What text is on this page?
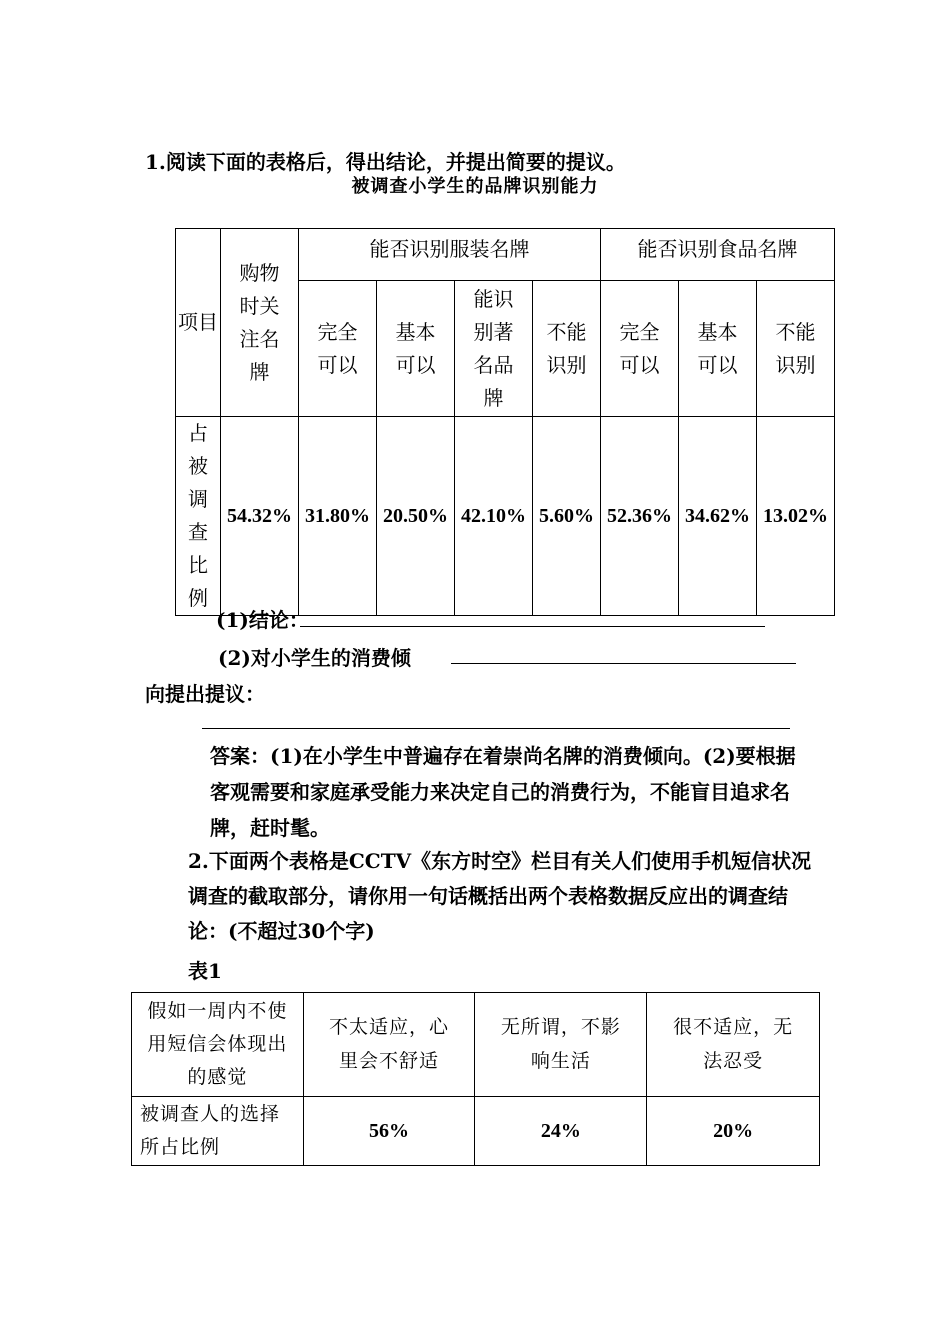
1.阅读下面的表格后，得出结论，并提出简要的提议。
被调查小学生的品牌识别能力
项目	购物时关注名牌	能否识别服装名牌				能否识别食品名牌		
		完全可以	基本可以	能识别著名品牌	不能识别	完全可以	基本可以	不能识别
占被调查比例	54.32%	31.80%	20.50%	42.10%	5.60%	52.36%	34.62%	13.02%
(1)结论：
(2)对小学生的消费倾
向提出提议：
答案：(1)在小学生中普遍存在着崇尚名牌的消费倾向。(2)要根据客观需要和家庭承受能力来决定自己的消费行为，不能盲目追求名牌，赶时髦。
2.下面两个表格是CCTV《东方时空》栏目有关人们使用手机短信状况调查的截取部分，请你用一句话概括出两个表格数据反应出的调查结论：(不超过30个字)
表1
假如一周内不使用短信会体现出的感觉	不太适应，心里会不舒适	无所谓，不影响生活	很不适应，无法忍受
被调查人的选择所占比例	56%	24%	20%
